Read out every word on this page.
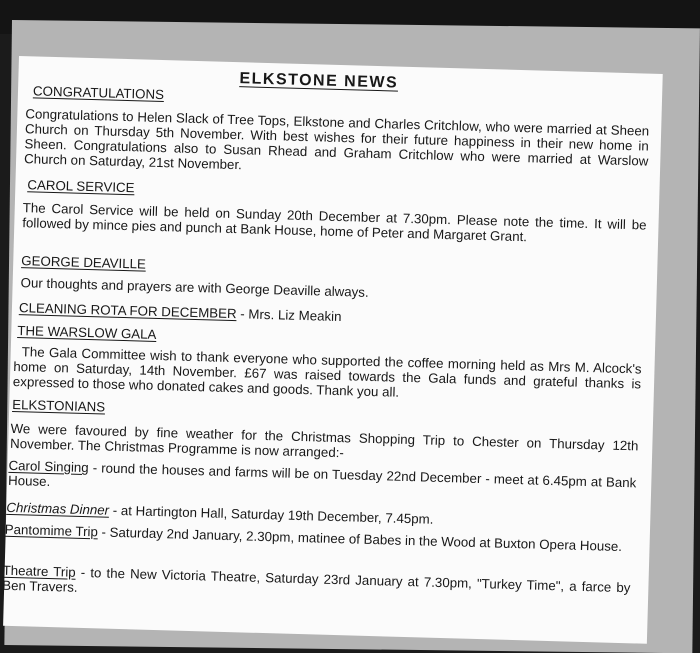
ELKSTONE NEWS
CONGRATULATIONS
Congratulations to Helen Slack of Tree Tops, Elkstone and Charles Critchlow, who were married at Sheen Church on Thursday 5th November. With best wishes for their future happiness in their new home in Sheen. Congratulations also to Susan Rhead and Graham Critchlow who were married at Warslow Church on Saturday, 21st November.
CAROL SERVICE
The Carol Service will be held on Sunday 20th December at 7.30pm. Please note the time. It will be followed by mince pies and punch at Bank House, home of Peter and Margaret Grant.
GEORGE DEAVILLE
Our thoughts and prayers are with George Deaville always.
CLEANING ROTA FOR DECEMBER - Mrs. Liz Meakin
THE WARSLOW GALA
The Gala Committee wish to thank everyone who supported the coffee morning held as Mrs M. Alcock's home on Saturday, 14th November. £67 was raised towards the Gala funds and grateful thanks is expressed to those who donated cakes and goods. Thank you all.
ELKSTONIANS
We were favoured by fine weather for the Christmas Shopping Trip to Chester on Thursday 12th November. The Christmas Programme is now arranged:-
Carol Singing - round the houses and farms will be on Tuesday 22nd December - meet at 6.45pm at Bank House.
Christmas Dinner - at Hartington Hall, Saturday 19th December, 7.45pm.
Pantomime Trip - Saturday 2nd January, 2.30pm, matinee of Babes in the Wood at Buxton Opera House.
Theatre Trip - to the New Victoria Theatre, Saturday 23rd January at 7.30pm, "Turkey Time", a farce by Ben Travers.
